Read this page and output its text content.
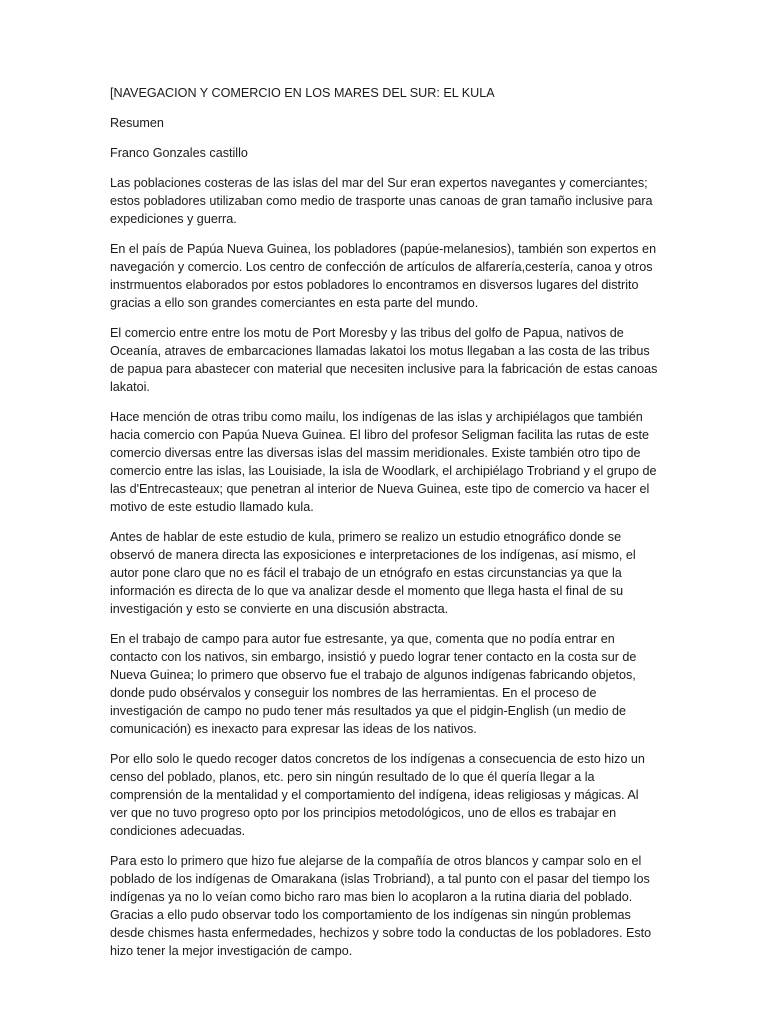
[NAVEGACION Y COMERCIO EN LOS MARES DEL SUR: EL KULA

Resumen

Franco Gonzales castillo

Las poblaciones costeras de las islas del mar del Sur eran expertos navegantes y comerciantes; estos pobladores utilizaban como medio de trasporte unas canoas de gran tamaño inclusive para expediciones y guerra.

En el país de Papúa Nueva Guinea, los pobladores (papúe-melanesios), también son expertos en navegación y comercio. Los centro de confección de artículos de alfarería,cestería, canoa y otros instrmuentos elaborados por estos pobladores lo encontramos en disversos lugares del distrito gracias a ello son grandes comerciantes en esta parte del mundo.

El comercio entre entre los motu de Port Moresby y las tribus del golfo de Papua, nativos de Oceanía, atraves de embarcaciones llamadas lakatoi los motus llegaban a las costa de las tribus de papua para abastecer con material que necesiten inclusive para la fabricación de estas canoas lakatoi.

Hace mención de otras tribu como mailu, los indígenas de las islas y archipiélagos que también hacia comercio con Papúa Nueva Guinea. El libro del profesor Seligman facilita las rutas de este comercio diversas entre las diversas islas del massim meridionales. Existe también otro tipo de comercio entre las islas, las Louisiade, la isla de Woodlark, el archipiélago Trobriand y el grupo de las d'Entrecasteaux; que penetran al interior de Nueva Guinea, este tipo de comercio va hacer el motivo de este estudio llamado kula.

Antes de hablar de este estudio de kula, primero se realizo un estudio etnográfico donde se observó de manera directa las exposiciones e interpretaciones de los indígenas, así mismo, el autor pone claro que no es fácil el trabajo de un etnógrafo en estas circunstancias ya que la información es directa de lo que va analizar desde el momento que llega hasta el final de su investigación y esto se convierte en una discusión abstracta.

En el trabajo de campo para autor fue estresante, ya que, comenta que no podía entrar en contacto con los nativos, sin embargo, insistió y puedo lograr tener contacto en la costa sur de Nueva Guinea; lo primero que observo fue el trabajo de algunos indígenas fabricando objetos, donde pudo obsérvalos y conseguir los nombres de las herramientas. En el proceso de investigación de campo no pudo tener más resultados ya que el pidgin-English (un medio de comunicación) es inexacto para expresar las ideas de los nativos.

Por ello solo le quedo recoger datos concretos de los indígenas a consecuencia de esto hizo un censo del poblado, planos, etc. pero sin ningún resultado de lo que él quería llegar a la comprensión de la mentalidad y el comportamiento del indígena, ideas religiosas y mágicas. Al ver que no tuvo progreso opto por los principios metodológicos, uno de ellos es trabajar en condiciones adecuadas.

Para esto lo primero que hizo fue alejarse de la compañía de otros blancos y campar solo en el poblado de los indígenas de Omarakana (islas Trobriand), a tal punto con el pasar del tiempo los indígenas ya no lo veían como bicho raro mas bien lo acoplaron a la rutina diaria del poblado. Gracias a ello pudo observar todo los comportamiento de los indígenas sin ningún problemas desde chismes hasta enfermedades, hechizos y sobre todo la conductas de los pobladores. Esto hizo tener la mejor investigación de campo.
